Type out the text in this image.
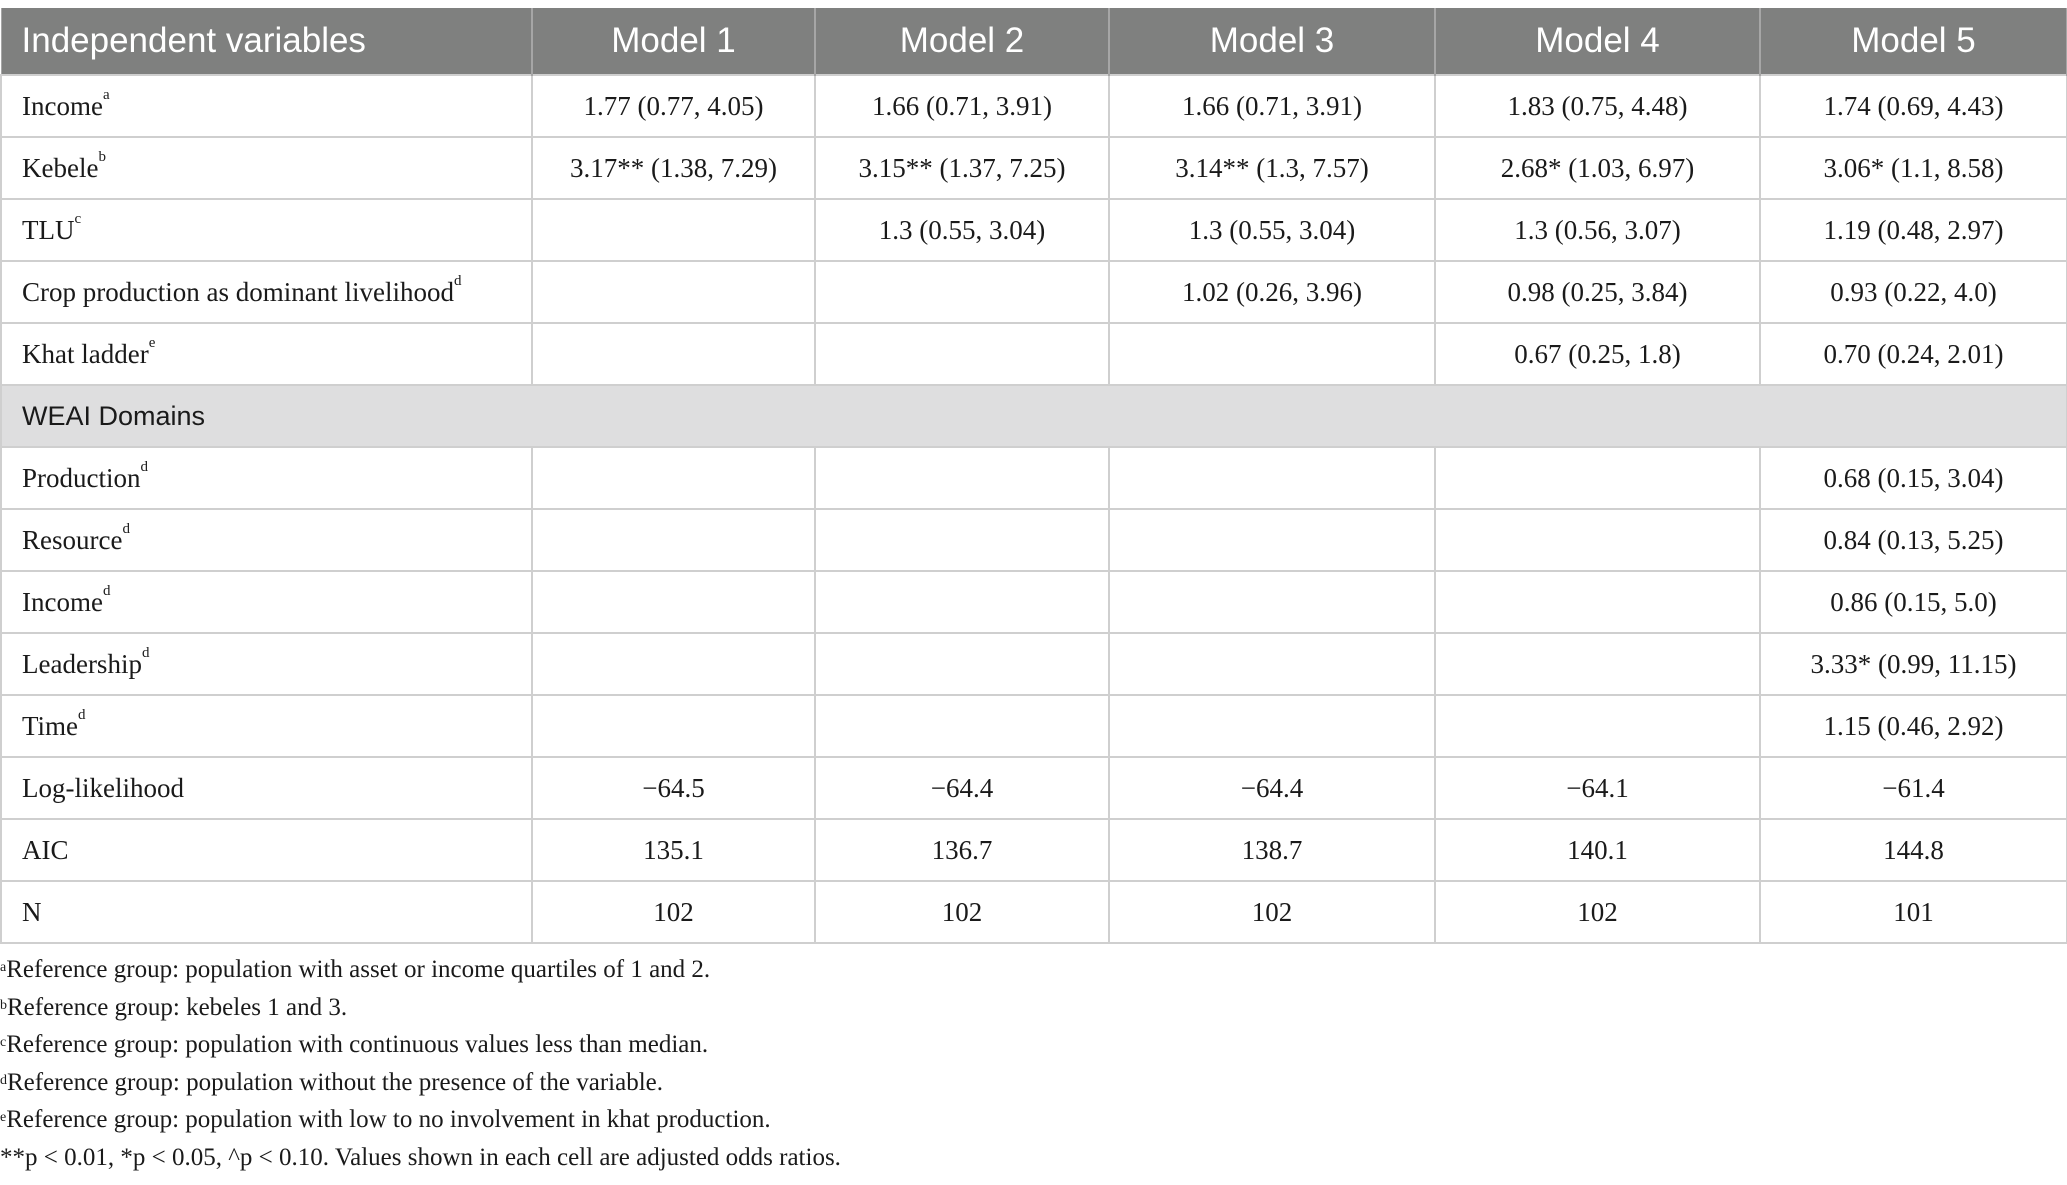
Independent variables	Model 1	Model 2	Model 3	Model 4	Model 5
Income$^a$	1.77 (0.77, 4.05)	1.66 (0.71, 3.91)	1.66 (0.71, 3.91)	1.83 (0.75, 4.48)	1.74 (0.69, 4.43)
Kebele$^b$	3.17** (1.38, 7.29)	3.15** (1.37, 7.25)	3.14** (1.3, 7.57)	2.68* (1.03, 6.97)	3.06* (1.1, 8.58)
TLU$^c$		1.3 (0.55, 3.04)	1.3 (0.55, 3.04)	1.3 (0.56, 3.07)	1.19 (0.48, 2.97)
Crop production as dominant livelihood$^d$			1.02 (0.26, 3.96)	0.98 (0.25, 3.84)	0.93 (0.22, 4.0)
Khat ladder$^e$				0.67 (0.25, 1.8)	0.70 (0.24, 2.01)
WEAI Domains					
Production$^d$					0.68 (0.15, 3.04)
Resource$^d$					0.84 (0.13, 5.25)
Income$^d$					0.86 (0.15, 5.0)
Leadership$^d$					3.33* (0.99, 11.15)
Time$^d$					1.15 (0.46, 2.92)
Log-likelihood	−64.5	−64.4	−64.4	−64.1	−61.4
AIC	135.1	136.7	138.7	140.1	144.8
N	102	102	102	102	101
$^a$Reference group: population with asset or income quartiles of 1 and 2.
$^b$Reference group: kebeles 1 and 3.
$^c$Reference group: population with continuous values less than median.
$^d$Reference group: population without the presence of the variable.
$^e$Reference group: population with low to no involvement in khat production.
**p < 0.01, *p < 0.05, ^p < 0.10. Values shown in each cell are adjusted odds ratios.
